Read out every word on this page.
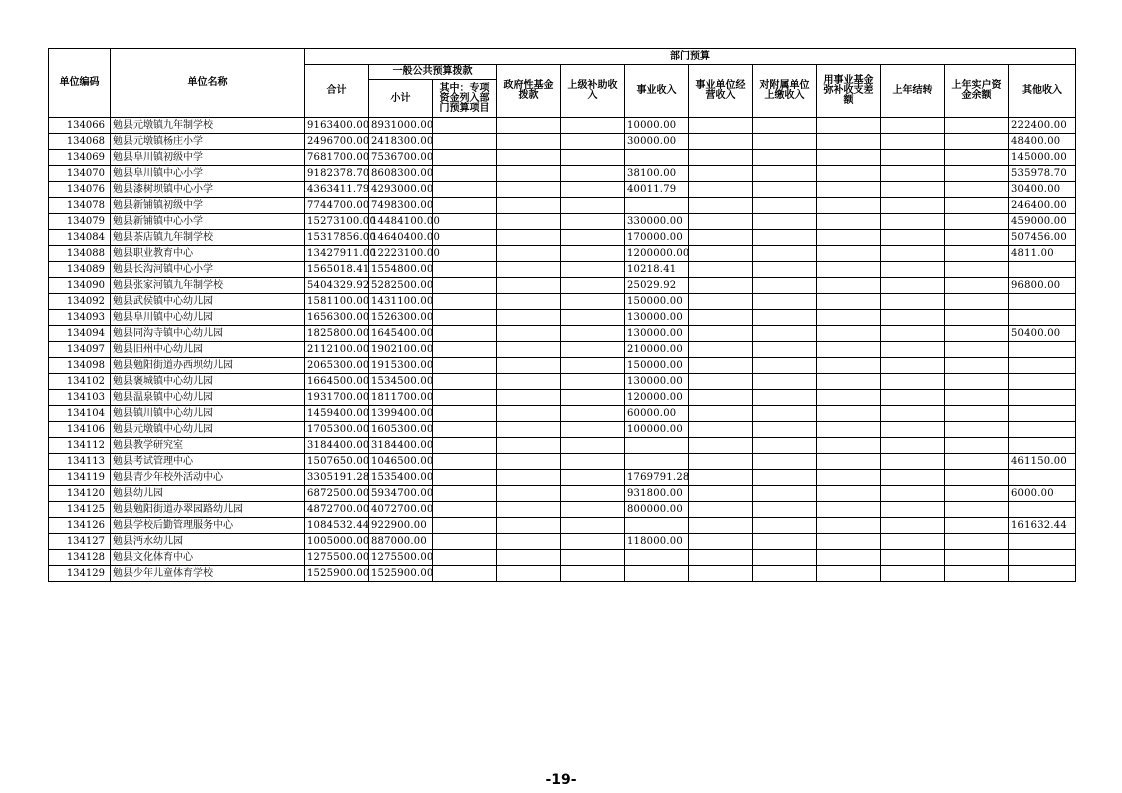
单位编码	单位名称	部门预算											
		合计	一般公共预算拨款		政府性基金拨款	上级补助收入	事业收入	事业单位经营收入	对附属单位上缴收入	用事业基金弥补收支差额	上年结转	上年实户资金余额	其他收入
			小计	其中：专项资金列入部门预算项目									
134066	勉县元墩镇九年制学校	9163400.00	8931000.00				10000.00						222400.00
134068	勉县元墩镇杨庄小学	2496700.00	2418300.00				30000.00						48400.00
134069	勉县阜川镇初级中学	7681700.00	7536700.00										145000.00
134070	勉县阜川镇中心小学	9182378.70	8608300.00				38100.00						535978.70
134076	勉县漆树坝镇中心小学	4363411.79	4293000.00				40011.79						30400.00
134078	勉县新铺镇初级中学	7744700.00	7498300.00										246400.00
134079	勉县新铺镇中心小学	15273100.00	14484100.00				330000.00						459000.00
134084	勉县茶店镇九年制学校	15317856.00	14640400.00				170000.00						507456.00
134088	勉县职业教育中心	13427911.00	12223100.00				1200000.00						4811.00
134089	勉县长沟河镇中心小学	1565018.41	1554800.00				10218.41						
134090	勉县张家河镇九年制学校	5404329.92	5282500.00				25029.92						96800.00
134092	勉县武侯镇中心幼儿园	1581100.00	1431100.00				150000.00						
134093	勉县阜川镇中心幼儿园	1656300.00	1526300.00				130000.00						
134094	勉县同沟寺镇中心幼儿园	1825800.00	1645400.00				130000.00						50400.00
134097	勉县旧州中心幼儿园	2112100.00	1902100.00				210000.00						
134098	勉县勉阳街道办西坝幼儿园	2065300.00	1915300.00				150000.00						
134102	勉县褒城镇中心幼儿园	1664500.00	1534500.00				130000.00						
134103	勉县温泉镇中心幼儿园	1931700.00	1811700.00				120000.00						
134104	勉县镇川镇中心幼儿园	1459400.00	1399400.00				60000.00						
134106	勉县元墩镇中心幼儿园	1705300.00	1605300.00				100000.00						
134112	勉县教学研究室	3184400.00	3184400.00										
134113	勉县考试管理中心	1507650.00	1046500.00										461150.00
134119	勉县青少年校外活动中心	3305191.28	1535400.00				1769791.28						
134120	勉县幼儿园	6872500.00	5934700.00				931800.00						6000.00
134125	勉县勉阳街道办翠园路幼儿园	4872700.00	4072700.00				800000.00						
134126	勉县学校后勤管理服务中心	1084532.44	922900.00										161632.44
134127	勉县沔水幼儿园	1005000.00	887000.00				118000.00						
134128	勉县文化体育中心	1275500.00	1275500.00										
134129	勉县少年儿童体育学校	1525900.00	1525900.00										
-19-
